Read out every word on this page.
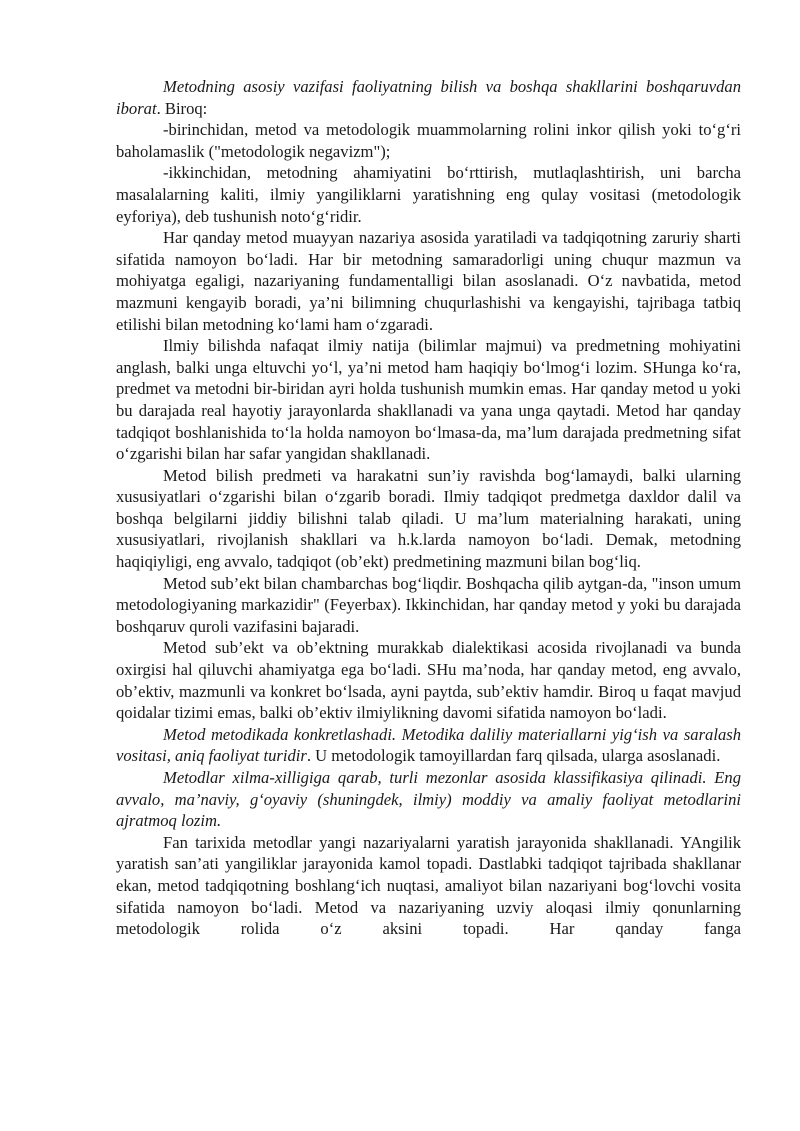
Metodning asosiy vazifasi faoliyatning bilish va boshqa shakllarini boshqaruvdan iborat. Biroq:

-birinchidan, metod va metodologik muammolarning rolini inkor qilish yoki to‘g‘ri baholamaslik ("metodologik negavizm");

-ikkinchidan, metodning ahamiyatini bo‘rttirish, mutlaqlashtirish, uni barcha masalalarning kaliti, ilmiy yangiliklarni yaratishning eng qulay vositasi (metodologik eyforiya), deb tushunish noto‘g‘ridir.

Har qanday metod muayyan nazariya asosida yaratiladi va tadqiqotning zaruriy sharti sifatida namoyon bo‘ladi. Har bir metodning samaradorligi uning chuqur mazmun va mohiyatga egaligi, nazariyaning fundamentalligi bilan asoslanadi. O‘z navbatida, metod mazmuni kengayib boradi, ya’ni bilimning chuqurlashishi va kengayishi, tajribaga tatbiq etilishi bilan metodning ko‘lami ham o‘zgaradi.

Ilmiy bilishda nafaqat ilmiy natija (bilimlar majmui) va predmetning mohiyatini anglash, balki unga eltuvchi yo‘l, ya’ni metod ham haqiqiy bo‘lmog‘i lozim. SHunga ko‘ra, predmet va metodni bir-biridan ayri holda tushunish mumkin emas. Har qanday metod u yoki bu darajada real hayotiy jarayonlarda shakllanadi va yana unga qaytadi. Metod har qanday tadqiqot boshlanishida to‘la holda namoyon bo‘lmasa-da, ma’lum darajada predmetning sifat o‘zgarishi bilan har safar yangidan shakllanadi.

Metod bilish predmeti va harakatni sun’iy ravishda bog‘lamaydi, balki ularning xususiyatlari o‘zgarishi bilan o‘zgarib boradi. Ilmiy tadqiqot predmetga daxldor dalil va boshqa belgilarni jiddiy bilishni talab qiladi. U ma’lum materialning harakati, uning xususiyatlari, rivojlanish shakllari va h.k.larda namoyon bo‘ladi. Demak, metodning haqiqiyligi, eng avvalo, tadqiqot (ob’ekt) predmetining mazmuni bilan bog‘liq.

Metod sub’ekt bilan chambarchas bog‘liqdir. Boshqacha qilib aytgan-da, "inson umum metodologiyaning markazidir" (Feyerbax). Ikkinchidan, har qanday metod y yoki bu darajada boshqaruv quroli vazifasini bajaradi.

Metod sub’ekt va ob’ektning murakkab dialektikasi acosida rivojlanadi va bunda oxirgisi hal qiluvchi ahamiyatga ega bo‘ladi. SHu ma’noda, har qanday metod, eng avvalo, ob’ektiv, mazmunli va konkret bo‘lsada, ayni paytda, sub’ektiv hamdir. Biroq u faqat mavjud qoidalar tizimi emas, balki ob’ektiv ilmiylikning davomi sifatida namoyon bo‘ladi.

Metod metodikada konkretlashadi. Metodika daliliy materiallarni yig‘ish va saralash vositasi, aniq faoliyat turidir. U metodologik tamoyillardan farq qilsada, ularga asoslanadi.

Metodlar xilma-xilligiga qarab, turli mezonlar asosida klassifikasiya qilinadi. Eng avvalo, ma’naviy, g‘oyaviy (shuningdek, ilmiy) moddiy va amaliy faoliyat metodlarini ajratmoq lozim.

Fan tarixida metodlar yangi nazariyalarni yaratish jarayonida shakllanadi. YAngilik yaratish san’ati yangiliklar jarayonida kamol topadi. Dastlabki tadqiqot tajribada shakllanar ekan, metod tadqiqotning boshlang‘ich nuqtasi, amaliyot bilan nazariyani bog‘lovchi vosita sifatida namoyon bo‘ladi. Metod va nazariyaning uzviy aloqasi ilmiy qonunlarning metodologik rolida o‘z aksini topadi. Har qanday fanga
